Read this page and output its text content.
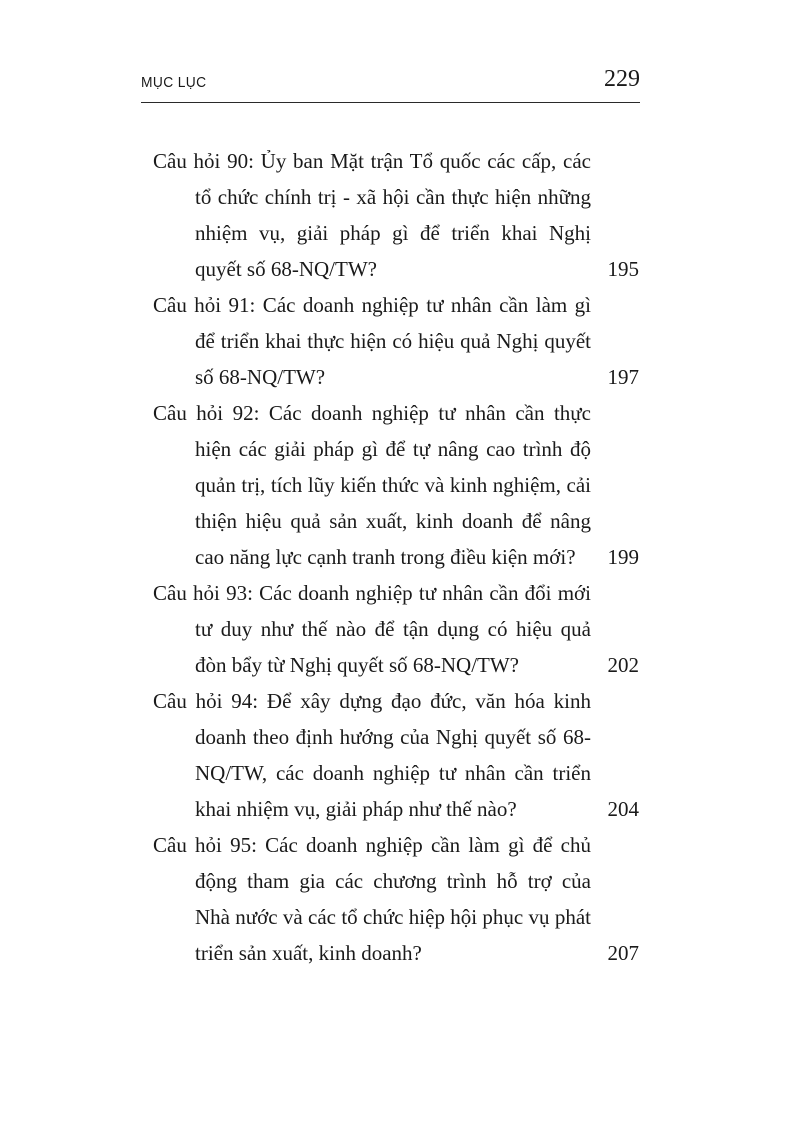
MỤC LỤC	229
Câu hỏi 90: Ủy ban Mặt trận Tổ quốc các cấp, các tổ chức chính trị - xã hội cần thực hiện những nhiệm vụ, giải pháp gì để triển khai Nghị quyết số 68-NQ/TW?	195
Câu hỏi 91: Các doanh nghiệp tư nhân cần làm gì để triển khai thực hiện có hiệu quả Nghị quyết số 68-NQ/TW?	197
Câu hỏi 92: Các doanh nghiệp tư nhân cần thực hiện các giải pháp gì để tự nâng cao trình độ quản trị, tích lũy kiến thức và kinh nghiệm, cải thiện hiệu quả sản xuất, kinh doanh để nâng cao năng lực cạnh tranh trong điều kiện mới? 199
Câu hỏi 93: Các doanh nghiệp tư nhân cần đổi mới tư duy như thế nào để tận dụng có hiệu quả đòn bẩy từ Nghị quyết số 68-NQ/TW?	202
Câu hỏi 94: Để xây dựng đạo đức, văn hóa kinh doanh theo định hướng của Nghị quyết số 68-NQ/TW, các doanh nghiệp tư nhân cần triển khai nhiệm vụ, giải pháp như thế nào?	204
Câu hỏi 95: Các doanh nghiệp cần làm gì để chủ động tham gia các chương trình hỗ trợ của Nhà nước và các tổ chức hiệp hội phục vụ phát triển sản xuất, kinh doanh?	207
